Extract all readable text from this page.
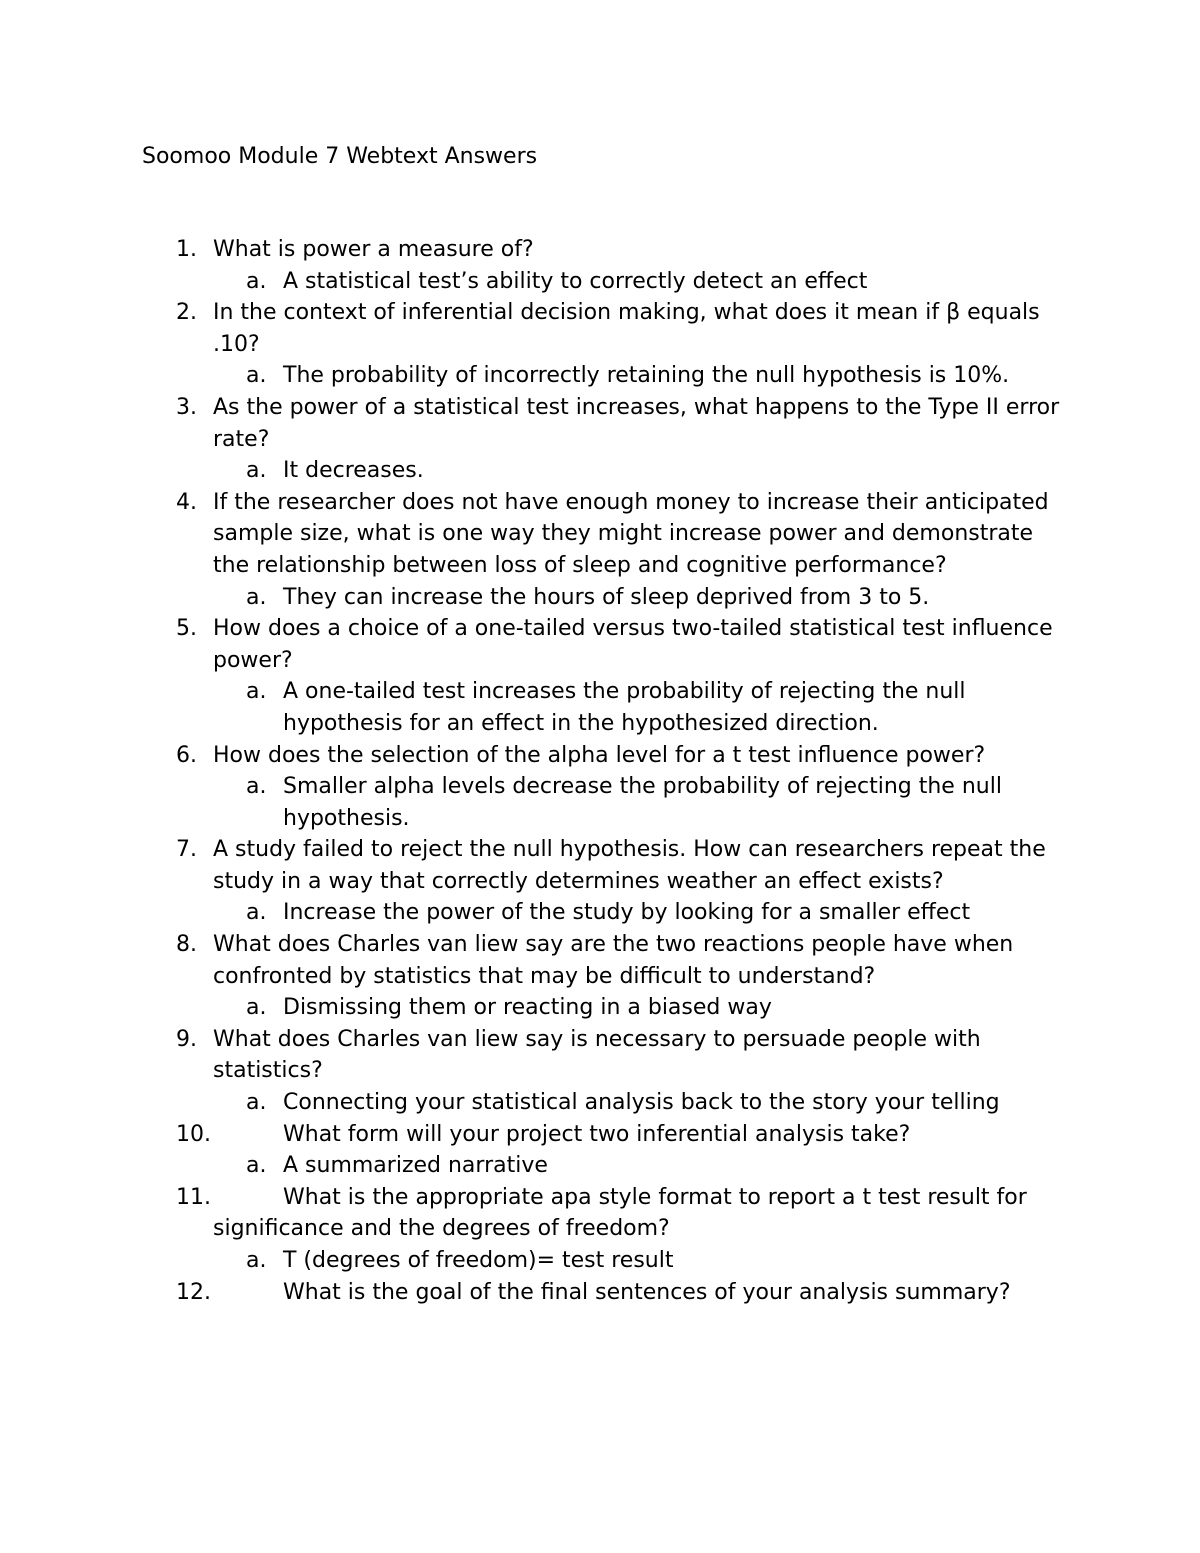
Soomoo Module 7 Webtext Answers
1. What is power a measure of?
a. A statistical test’s ability to correctly detect an effect
2. In the context of inferential decision making, what does it mean if β equals .10?
a. The probability of incorrectly retaining the null hypothesis is 10%.
3. As the power of a statistical test increases, what happens to the Type II error rate?
a. It decreases.
4. If the researcher does not have enough money to increase their anticipated sample size, what is one way they might increase power and demonstrate the relationship between loss of sleep and cognitive performance?
a. They can increase the hours of sleep deprived from 3 to 5.
5. How does a choice of a one-tailed versus two-tailed statistical test influence power?
a. A one-tailed test increases the probability of rejecting the null hypothesis for an effect in the hypothesized direction.
6. How does the selection of the alpha level for a t test influence power?
a. Smaller alpha levels decrease the probability of rejecting the null hypothesis.
7. A study failed to reject the null hypothesis. How can researchers repeat the study in a way that correctly determines weather an effect exists?
a. Increase the power of the study by looking for a smaller effect
8. What does Charles van liew say are the two reactions people have when confronted by statistics that may be difficult to understand?
a. Dismissing them or reacting in a biased way
9. What does Charles van liew say is necessary to persuade people with statistics?
a. Connecting your statistical analysis back to the story your telling
10.	What form will your project two inferential analysis take?
a. A summarized narrative
11.	What is the appropriate apa style format to report a t test result for significance and the degrees of freedom?
a. T (degrees of freedom)= test result
12.	What is the goal of the final sentences of your analysis summary?
